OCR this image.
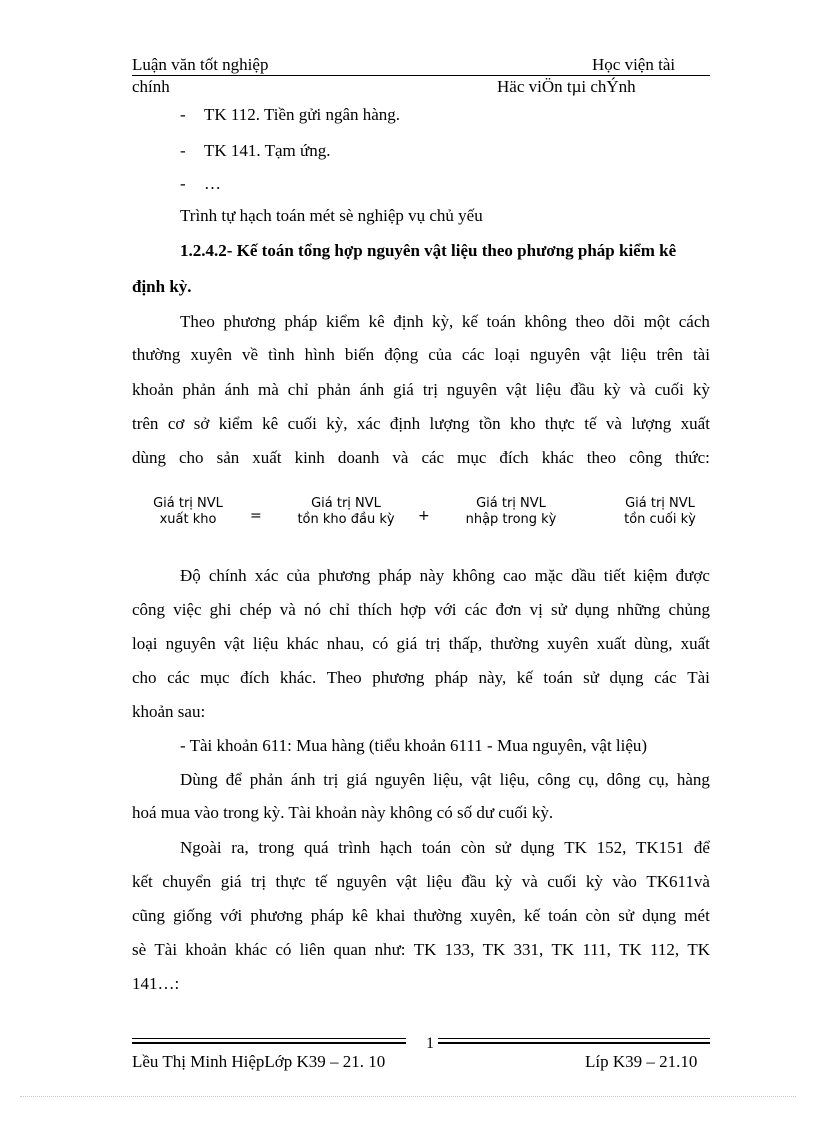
Luận văn tốt nghiệp	Học viện tài
chính	Häc viÖn tµi chÝnh
- TK 112. Tiền gửi ngân hàng.
- TK 141. Tạm ứng.
- …
Trình tự hạch toán mét sè nghiệp vụ chủ yếu
1.2.4.2- Kế toán tổng hợp nguyên vật liệu theo phương pháp kiểm kê
định kỳ.
Theo phương pháp kiểm kê định kỳ, kế toán không theo dõi một cách
thường xuyên về tình hình biến động của các loại nguyên vật liệu trên tài
khoản phản ánh mà chỉ phản ánh giá trị nguyên vật liệu đầu kỳ và cuối kỳ
trên cơ sở kiểm kê cuối kỳ, xác định lượng tồn kho thực tế và lượng xuất
dùng cho sản xuất kinh doanh và các mục đích khác theo công thức:
Giá trị NVL
xuất kho	=
Giá trị NVL
tồn kho đầu kỳ	+
Giá trị NVL
nhập trong kỳ
Giá trị NVL
tồn cuối kỳ
Độ chính xác của phương pháp này không cao mặc dầu tiết kiệm được
công việc ghi chép và nó chỉ thích hợp với các đơn vị sử dụng những chủng
loại nguyên vật liệu khác nhau, có giá trị thấp, thường xuyên xuất dùng, xuất
cho các mục đích khác. Theo phương pháp này, kế toán sử dụng các Tài
khoản sau:
- Tài khoản 611: Mua hàng (tiểu khoản 6111 - Mua nguyên, vật liệu)
Dùng để phản ánh trị giá nguyên liệu, vật liệu, công cụ, dông cụ, hàng
hoá mua vào trong kỳ. Tài khoản này không có số dư cuối kỳ.
Ngoài ra, trong quá trình hạch toán còn sử dụng TK 152, TK151 để
kết chuyển giá trị thực tế nguyên vật liệu đầu kỳ và cuối kỳ vào TK611và
cũng giống với phương pháp kê khai thường xuyên, kế toán còn sử dụng mét
sè Tài khoản khác có liên quan như: TK 133, TK 331, TK 111, TK 112, TK
141…:
1
Lều Thị Minh HiệpLớp K39 – 21. 10	Líp K39 – 21.10
